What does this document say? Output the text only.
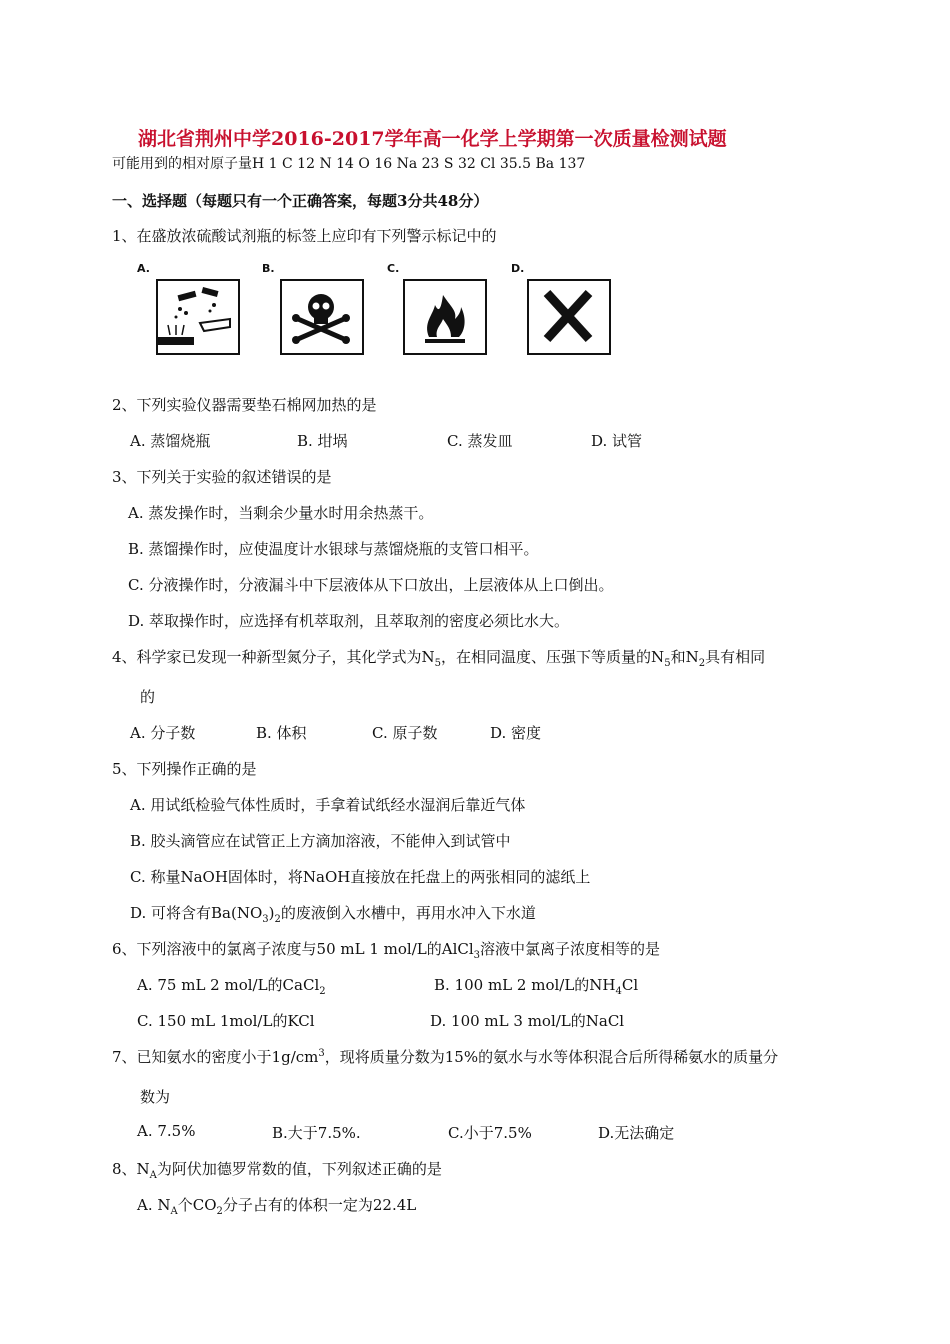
湖北省荆州中学2016-2017学年高一化学上学期第一次质量检测试题
可能用到的相对原子量H 1 C 12 N 14 O 16 Na 23 S 32 Cl 35.5 Ba 137
一、选择题（每题只有一个正确答案，每题3分共48分）
1、在盛放浓硫酸试剂瓶的标签上应印有下列警示标记中的
A.	B.	C.	D.
2、下列实验仪器需要垫石棉网加热的是
A. 蒸馏烧瓶	B. 坩埚	C. 蒸发皿	D. 试管
3、下列关于实验的叙述错误的是
A. 蒸发操作时，当剩余少量水时用余热蒸干。
B. 蒸馏操作时，应使温度计水银球与蒸馏烧瓶的支管口相平。
C. 分液操作时，分液漏斗中下层液体从下口放出，上层液体从上口倒出。
D. 萃取操作时，应选择有机萃取剂，且萃取剂的密度必须比水大。
4、科学家已发现一种新型氮分子，其化学式为$N_5$，在相同温度、压强下等质量的$N_5$和$N_2$具有相同
的
A. 分子数	B. 体积	C. 原子数	D. 密度
5、下列操作正确的是
A. 用试纸检验气体性质时，手拿着试纸经水湿润后靠近气体
B. 胶头滴管应在试管正上方滴加溶液，不能伸入到试管中
C. 称量NaOH固体时，将NaOH直接放在托盘上的两张相同的滤纸上
D. 可将含有$Ba(NO_3)_2$的废液倒入水槽中，再用水冲入下水道
6、下列溶液中的氯离子浓度与50 mL 1 mol/L的AlCl$_3$溶液中氯离子浓度相等的是
A. 75 mL 2 mol/L的CaCl$_2$	B. 100 mL 2 mol/L的$NH_4Cl$
C. 150 mL 1mol/L的KCl	D. 100 mL 3 mol/L的NaCl
7、已知氨水的密度小于$1g/cm^3$，现将质量分数为15%的氨水与水等体积混合后所得稀氨水的质量分
数为
A. 7.5%	B.大于7.5%.	C.小于7.5%	D.无法确定
8、$N_A$为阿伏加德罗常数的值，下列叙述正确的是
A. $N_A$个$CO_2$分子占有的体积一定为22.4L
